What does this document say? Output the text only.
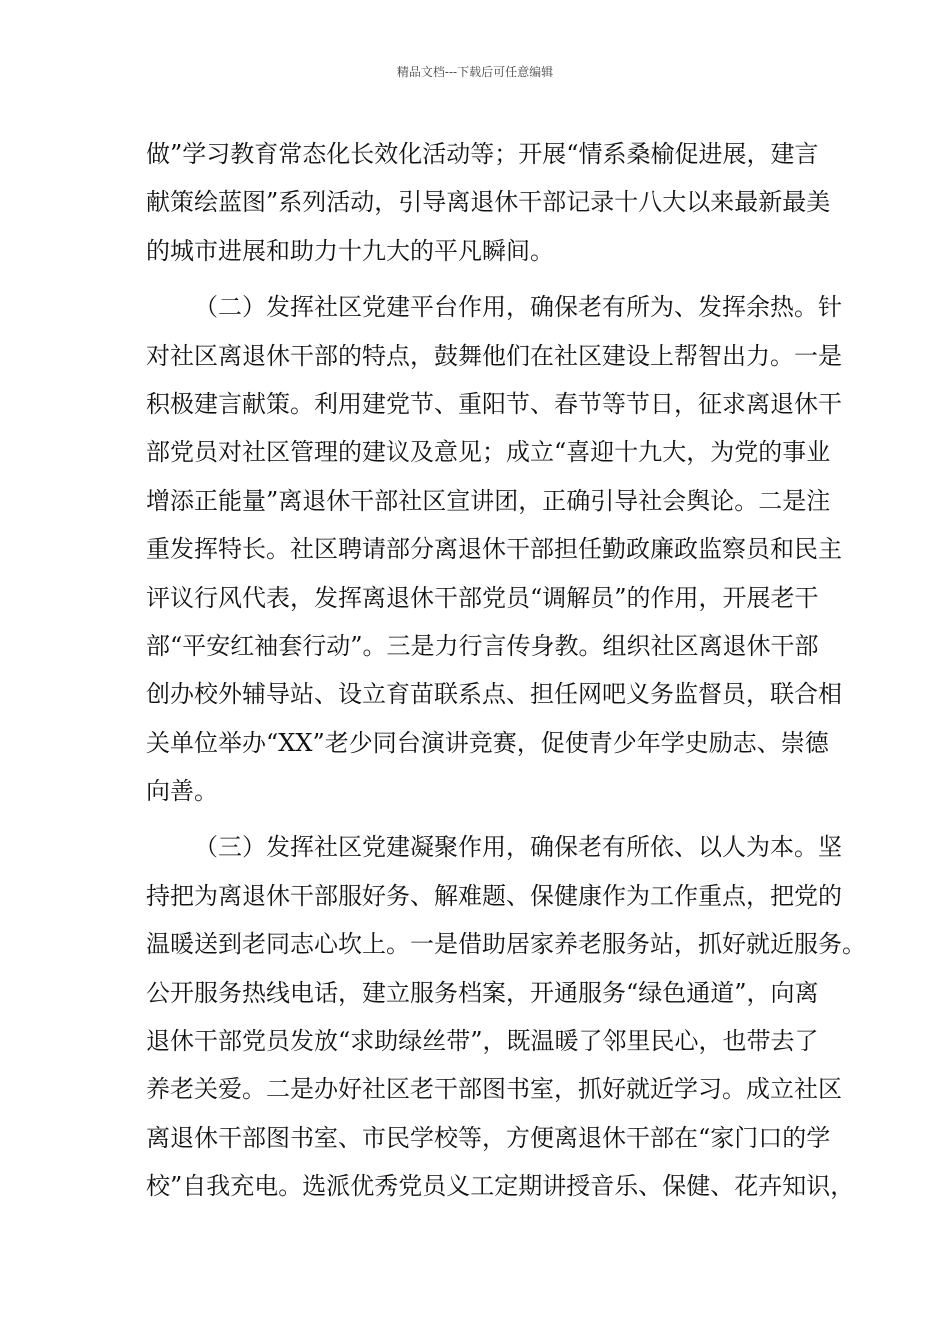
精品文档---下载后可任意编辑
做”学习教育常态化长效化活动等；开展“情系桑榆促进展，建言
献策绘蓝图”系列活动，引导离退休干部记录十八大以来最新最美
的城市进展和助力十九大的平凡瞬间。
（二）发挥社区党建平台作用，确保老有所为、发挥余热。针
对社区离退休干部的特点，鼓舞他们在社区建设上帮智出力。一是
积极建言献策。利用建党节、重阳节、春节等节日，征求离退休干
部党员对社区管理的建议及意见；成立“喜迎十九大，为党的事业
增添正能量”离退休干部社区宣讲团，正确引导社会舆论。二是注
重发挥特长。社区聘请部分离退休干部担任勤政廉政监察员和民主
评议行风代表，发挥离退休干部党员“调解员”的作用，开展老干
部“平安红袖套行动”。三是力行言传身教。组织社区离退休干部
创办校外辅导站、设立育苗联系点、担任网吧义务监督员，联合相
关单位举办“XX”老少同台演讲竞赛，促使青少年学史励志、崇德
向善。
（三）发挥社区党建凝聚作用，确保老有所依、以人为本。坚
持把为离退休干部服好务、解难题、保健康作为工作重点，把党的
温暖送到老同志心坎上。一是借助居家养老服务站，抓好就近服务。
公开服务热线电话，建立服务档案，开通服务“绿色通道”，向离
退休干部党员发放“求助绿丝带”，既温暖了邻里民心，也带去了
养老关爱。二是办好社区老干部图书室，抓好就近学习。成立社区
离退休干部图书室、市民学校等，方便离退休干部在“家门口的学
校”自我充电。选派优秀党员义工定期讲授音乐、保健、花卉知识，
